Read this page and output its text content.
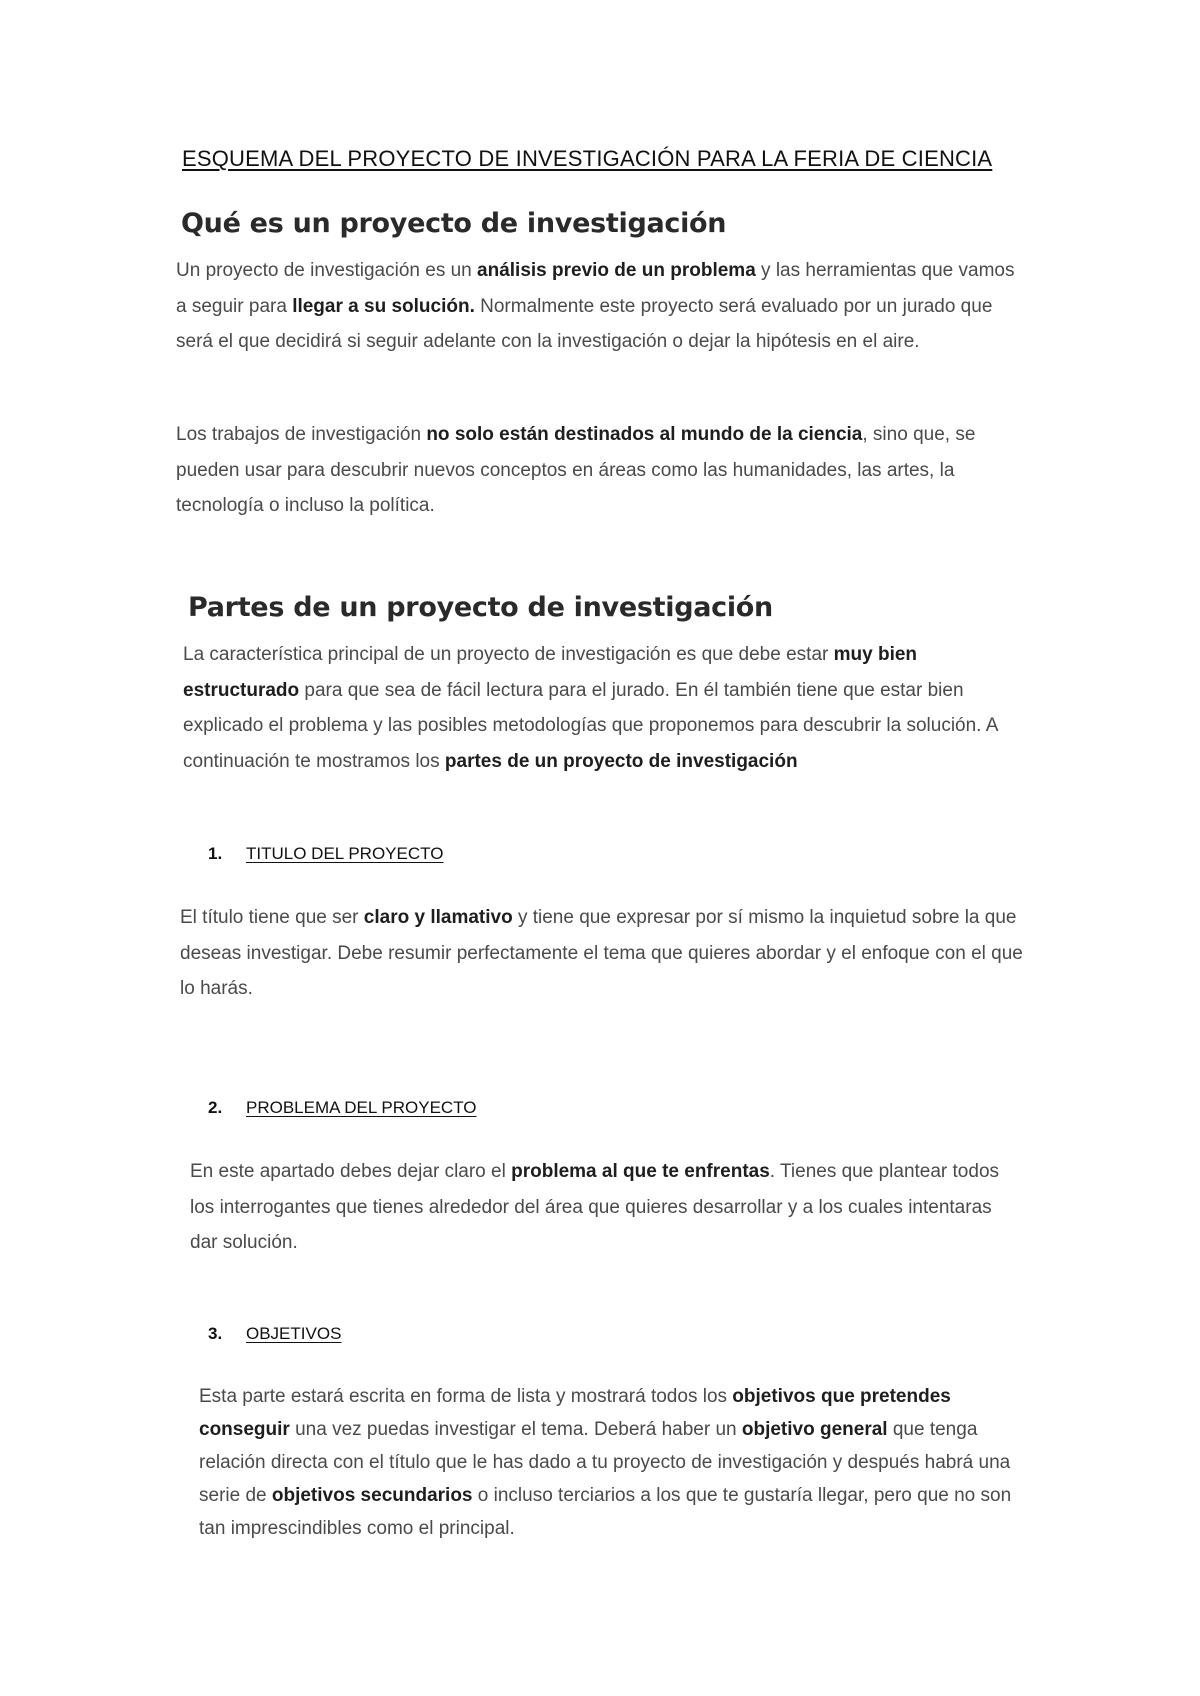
ESQUEMA DEL PROYECTO DE INVESTIGACIÓN PARA LA FERIA DE CIENCIA
Qué es un proyecto de investigación

Un proyecto de investigación es un análisis previo de un problema y las herramientas que vamos a seguir para llegar a su solución. Normalmente este proyecto será evaluado por un jurado que será el que decidirá si seguir adelante con la investigación o dejar la hipótesis en el aire.

Los trabajos de investigación no solo están destinados al mundo de la ciencia, sino que, se pueden usar para descubrir nuevos conceptos en áreas como las humanidades, las artes, la tecnología o incluso la política.

Partes de un proyecto de investigación

La característica principal de un proyecto de investigación es que debe estar muy bien estructurado para que sea de fácil lectura para el jurado. En él también tiene que estar bien explicado el problema y las posibles metodologías que proponemos para descubrir la solución. A continuación te mostramos los partes de un proyecto de investigación

1. TITULO DEL PROYECTO

El título tiene que ser claro y llamativo y tiene que expresar por sí mismo la inquietud sobre la que deseas investigar. Debe resumir perfectamente el tema que quieres abordar y el enfoque con el que lo harás.

2. PROBLEMA DEL PROYECTO

En este apartado debes dejar claro el problema al que te enfrentas. Tienes que plantear todos los interrogantes que tienes alrededor del área que quieres desarrollar y a los cuales intentaras dar solución.

3. OBJETIVOS

Esta parte estará escrita en forma de lista y mostrará todos los objetivos que pretendes conseguir una vez puedas investigar el tema. Deberá haber un objetivo general que tenga relación directa con el título que le has dado a tu proyecto de investigación y después habrá una serie de objetivos secundarios o incluso terciarios a los que te gustaría llegar, pero que no son tan imprescindibles como el principal.
